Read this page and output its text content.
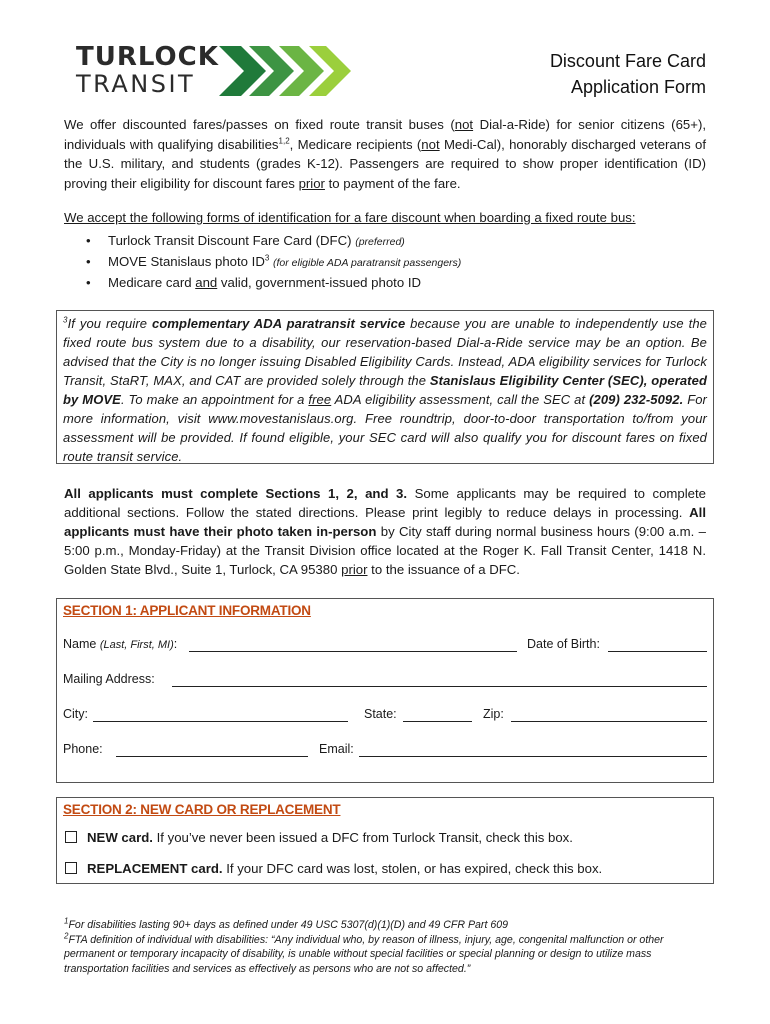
TURLOCK
TRANSIT
Discount Fare Card
Application Form
We offer discounted fares/passes on fixed route transit buses (not Dial-a-Ride) for senior citizens (65+), individuals with qualifying disabilities$^{1,2}$, Medicare recipients (not Medi-Cal), honorably discharged veterans of the U.S. military, and students (grades K-12). Passengers are required to show proper identification (ID) proving their eligibility for discount fares prior to payment of the fare.
We accept the following forms of identification for a fare discount when boarding a fixed route bus:
• Turlock Transit Discount Fare Card (DFC) (preferred)
• MOVE Stanislaus photo $ID^3$ (for eligible ADA paratransit passengers)
• Medicare card and valid, government-issued photo ID
$^3$If you require complementary ADA paratransit service because you are unable to independently use the fixed route bus system due to a disability, our reservation-based Dial-a-Ride service may be an option. Be advised that the City is no longer issuing Disabled Eligibility Cards. Instead, ADA eligibility services for Turlock Transit, StaRT, MAX, and CAT are provided solely through the Stanislaus Eligibility Center (SEC), operated by MOVE. To make an appointment for a free ADA eligibility assessment, call the SEC at (209) 232-5092. For more information, visit www.movestanislaus.org. Free roundtrip, door-to-door transportation to/from your assessment will be provided. If found eligible, your SEC card will also qualify you for discount fares on fixed route transit service.
All applicants must complete Sections 1, 2, and 3. Some applicants may be required to complete additional sections. Follow the stated directions. Please print legibly to reduce delays in processing. All applicants must have their photo taken in-person by City staff during normal business hours (9:00 a.m. – 5:00 p.m., Monday-Friday) at the Transit Division office located at the Roger K. Fall Transit Center, 1418 N. Golden State Blvd., Suite 1, Turlock, CA 95380 prior to the issuance of a DFC.
SECTION 1: APPLICANT INFORMATION
Name (Last, First, MI):	Date of Birth:
Mailing Address:
City:	State:	Zip:
Phone:	Email:
SECTION 2: NEW CARD OR REPLACEMENT
NEW card. If you’ve never been issued a DFC from Turlock Transit, check this box.
REPLACEMENT card. If your DFC card was lost, stolen, or has expired, check this box.
$^1$For disabilities lasting 90+ days as defined under 49 USC 5307(d)(1)(D) and 49 CFR Part 609
$^2$FTA definition of individual with disabilities: “Any individual who, by reason of illness, injury, age, congenital malfunction or other permanent or temporary incapacity of disability, is unable without special facilities or special planning or design to utilize mass transportation facilities and services as effectively as persons who are not so affected.”
